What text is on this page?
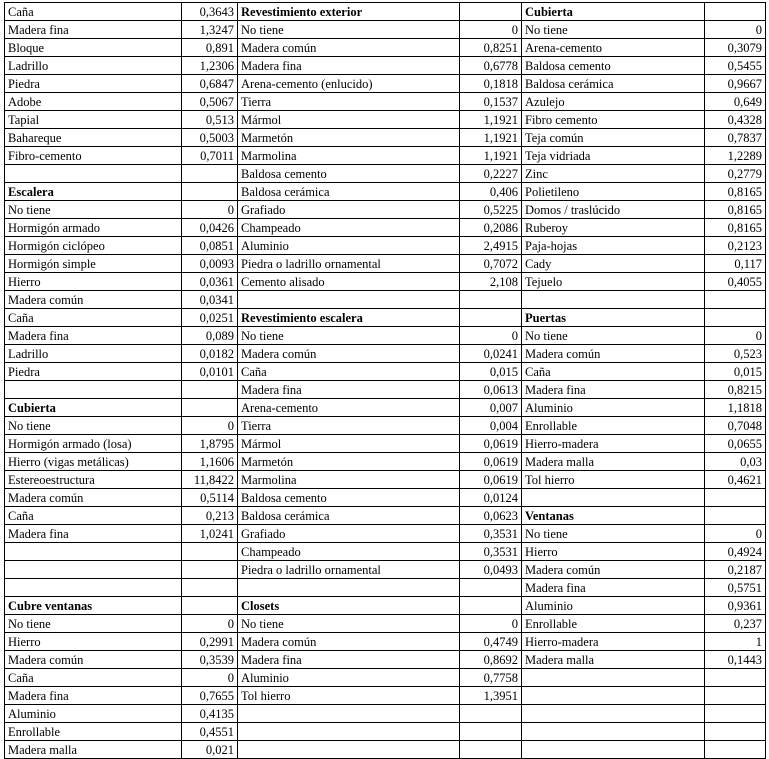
Caña	0,3643	Revestimiento exterior		Cubierta	
Madera fina	1,3247	No tiene	0	No tiene	0
Bloque	0,891	Madera común	0,8251	Arena-cemento	0,3079
Ladrillo	1,2306	Madera fina	0,6778	Baldosa cemento	0,5455
Piedra	0,6847	Arena-cemento (enlucido)	0,1818	Baldosa cerámica	0,9667
Adobe	0,5067	Tierra	0,1537	Azulejo	0,649
Tapial	0,513	Mármol	1,1921	Fibro cemento	0,4328
Bahareque	0,5003	Marmetón	1,1921	Teja común	0,7837
Fibro-cemento	0,7011	Marmolina	1,1921	Teja vidriada	1,2289
		Baldosa cemento	0,2227	Zinc	0,2779
Escalera		Baldosa cerámica	0,406	Polietileno	0,8165
No tiene	0	Grafiado	0,5225	Domos / traslúcido	0,8165
Hormigón armado	0,0426	Champeado	0,2086	Ruberoy	0,8165
Hormigón ciclópeo	0,0851	Aluminio	2,4915	Paja-hojas	0,2123
Hormigón simple	0,0093	Piedra o ladrillo ornamental	0,7072	Cady	0,117
Hierro	0,0361	Cemento alisado	2,108	Tejuelo	0,4055
Madera común	0,0341				
Caña	0,0251	Revestimiento escalera		Puertas	
Madera fina	0,089	No tiene	0	No tiene	0
Ladrillo	0,0182	Madera común	0,0241	Madera común	0,523
Piedra	0,0101	Caña	0,015	Caña	0,015
		Madera fina	0,0613	Madera fina	0,8215
Cubierta		Arena-cemento	0,007	Aluminio	1,1818
No tiene	0	Tierra	0,004	Enrollable	0,7048
Hormigón armado (losa)	1,8795	Mármol	0,0619	Hierro-madera	0,0655
Hierro (vigas metálicas)	1,1606	Marmetón	0,0619	Madera malla	0,03
Estereoestructura	11,8422	Marmolina	0,0619	Tol hierro	0,4621
Madera común	0,5114	Baldosa cemento	0,0124		
Caña	0,213	Baldosa cerámica	0,0623	Ventanas	
Madera fina	1,0241	Grafiado	0,3531	No tiene	0
		Champeado	0,3531	Hierro	0,4924
		Piedra o ladrillo ornamental	0,0493	Madera común	0,2187
				Madera fina	0,5751
Cubre ventanas		Closets		Aluminio	0,9361
No tiene	0	No tiene	0	Enrollable	0,237
Hierro	0,2991	Madera común	0,4749	Hierro-madera	1
Madera común	0,3539	Madera fina	0,8692	Madera malla	0,1443
Caña	0	Aluminio	0,7758		
Madera fina	0,7655	Tol hierro	1,3951		
Aluminio	0,4135				
Enrollable	0,4551				
Madera malla	0,021				
